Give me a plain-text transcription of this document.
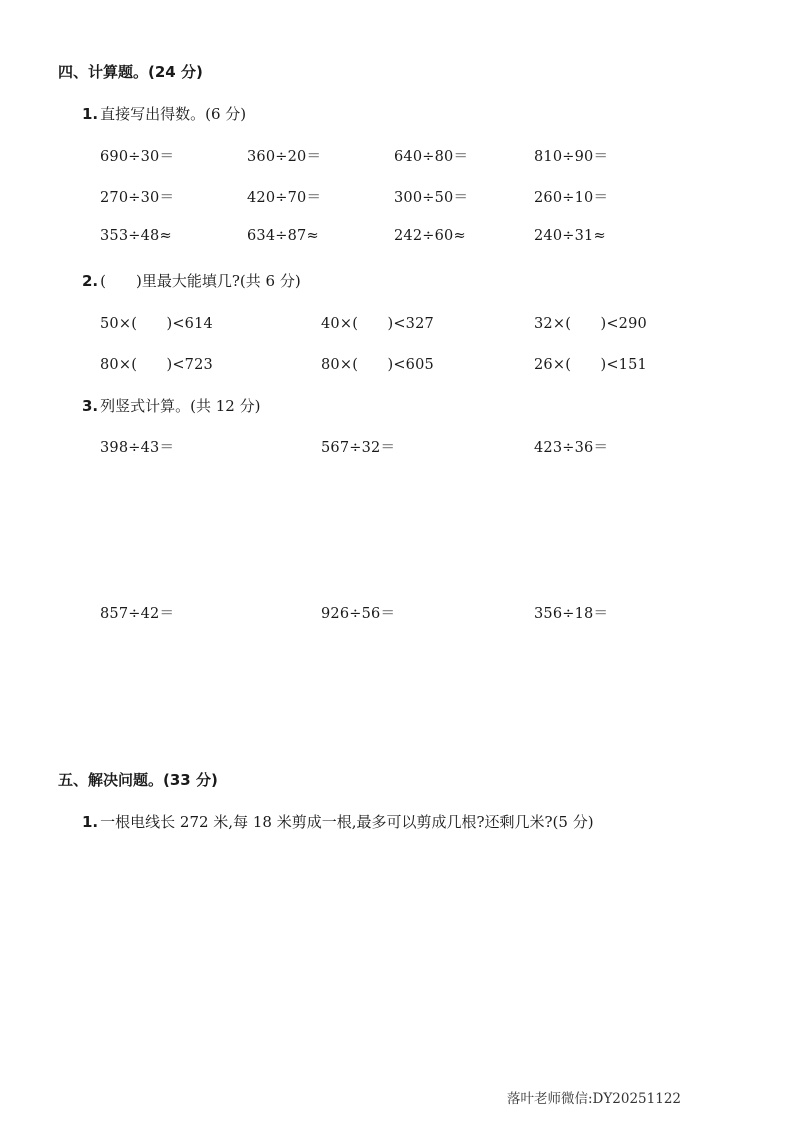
四、计算题。(24 分)
1. 直接写出得数。(6 分)
690÷30＝	360÷20＝	640÷80＝	810÷90＝
270÷30＝	420÷70＝	300÷50＝	260÷10＝
353÷48≈	634÷87≈	242÷60≈	240÷31≈
2. (　　)里最大能填几?(共 6 分)
50×(　　)<614	40×(　　)<327	32×(　　)<290
80×(　　)<723	80×(　　)<605	26×(　　)<151
3. 列竖式计算。(共 12 分)
398÷43＝	567÷32＝	423÷36＝
857÷42＝	926÷56＝	356÷18＝
五、解决问题。(33 分)
1. 一根电线长 272 米,每 18 米剪成一根,最多可以剪成几根?还剩几米?(5 分)
落叶老师微信:DY20251122
